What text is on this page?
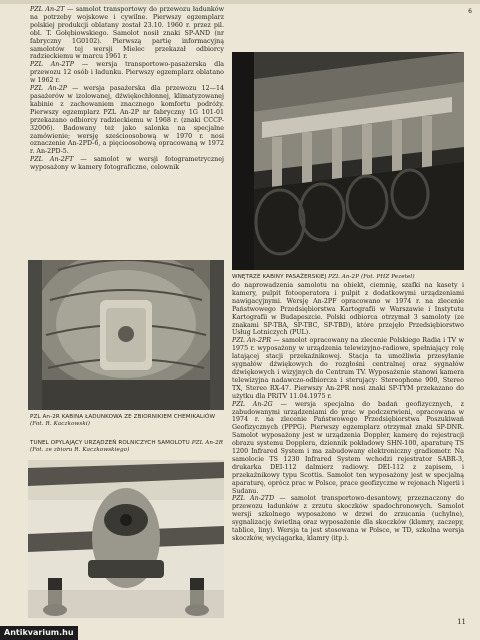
6

PZL An-2T — samolot transportowy do przewozu ładunków na potrzeby wojskowe i cywilne. Pierwszy egzemplarz polskiej produkcji oblatany został 23.10. 1960 r. przez pil. obl. T. Gołębiowskiego. Samolot nosił znaki SP-AND (nr fabryczny 1G0102). Pierwszą partię informacyjną samolotów tej wersji Mielec przekazał odbiorcy radzieckiemu w marcu 1961 r.

PZL An-2TP — wersja transportowo-pasażerska dla przewozu 12 osób i ładunku. Pierwszy egzemplarz oblatano w 1962 r.

PZL An-2P — wersja pasażerska dla przewozu 12—14 pasażerów w izolowanej, dźwiękochłonnej, klimatyzowanej kabinie z zachowaniem znacznego komfortu podróży. Pierwszy egzemplarz PZL An-2P nr fabryczny 1G 101-01 przekazano odbiorcy radzieckiemu w 1968 r. (znaki CCCP-32006). Badowany też jako salonka na specjalne zamówienie; wersję sześcioosobową w 1970 r. nosi oznaczenie An-2PD-6, a pięcioosobową opracowaną w 1972 r. An-2PD-5.

PZL An-2FT — samolot w wersji fotogrametrycznej wyposażony w kamery fotograficzne, celownik

WNĘTRZE KABINY PASAŻERSKIEJ PZL An-2P (Fot. PHZ Pezetel)

do naprowadzenia samolotu na obiekt, ciemnię, szafki na kasety i kamery, pulpit fotooperatora i pulpit z dodatkowymi urządzeniami nawigacyjnymi. Wersję An-2PF opracowano w 1974 r. na zlecenie Państwowego Przedsiębiorstwa Kartografii w Warszawie i Instytutu Kartografii w Budapeszcie. Polski odbiorca otrzymał 3 samoloty (ze znakami SP-TBA, SP-TBC, SP-TBD), które przejęło Przedsiębiorstwo Usług Lotniczych (PUL).

PZL An-2PR — samolot opracowany na zlecenie Polskiego Radia i TV w 1975 r. wyposażony w urządzenia telewizyjno-radiowe, spełniający rolę latającej stacji przekaźnikowej. Stacja ta umożliwia przesyłanie sygnałów dźwiękowych do rozgłośni centralnej oraz sygnałów dźwiękowych i wizyjnych do Centrum TV. Wyposażenie stanowi kamera telewizyjna nadawczo-odbiorcza i sterujący: Stereophone 900, Stereo TX, Stereo RX-47. Pierwszy An-2PR nosi znaki SP-TYM przekazano do użytku dla PRiTV 11.04.1975 r.

PZL An-2G — wersja specjalna do badań geofizycznych, z zabudowanymi urządzeniami do prac w podczerwieni, opracowana w 1974 r. na zlecenie Państwowego Przedsiębiorstwa Poszukiwań Geofizycznych (PPPG). Pierwszy egzemplarz otrzymał znaki SP-DNR. Samolot wyposażony jest w urządzenia Doppler, kamerę do rejestracji obrazu systemu Dopplera, dziennik pokładowy SHN-100, aparaturę TS 1200 Infrared System i ma zabudowany elektroniczny gradiometr. Na samolocie TS 1230 Infrared System wchodzi rejestrator SABR-3, drukarka DEI-112 dalmierz radiowy. DEI-112 z zapisem, i przekaźnikowy typu Scottis. Samolot ten wyposażony jest w specjalną aparaturę, oprócz prac w Polsce, prace geofizyczne w rejonach Nigerii i Sudanu.

PZL An-2TD — samolot transportowo-desantowy, przeznaczony do przewozu ładunków z zrzutu skoczków spadochronowych. Samolot wersji szkolnego wyposażono w drzwi do zrzucania (uchylne), sygnalizację świetlną oraz wyposażenie dla skoczków (klamry, zaczepy, tablice, liny). Wersja ta jest stosowana w Polsce, w TD, szkolna wersja skoczków, wyciągarka, klamry (itp.).

PZL An-2R KABINA ŁADUNKOWA ZE ZBIORNIKIEM CHEMIKALIÓW (Fot. R. Kaczkowski)
TUNEL OPYLAJĄCY URZĄDZEŃ ROLNICZYCH SAMOLOTU PZL An-2R (Fot. ze zbioru R. Kaczkowskiego)
11
Antikvarium.hu
